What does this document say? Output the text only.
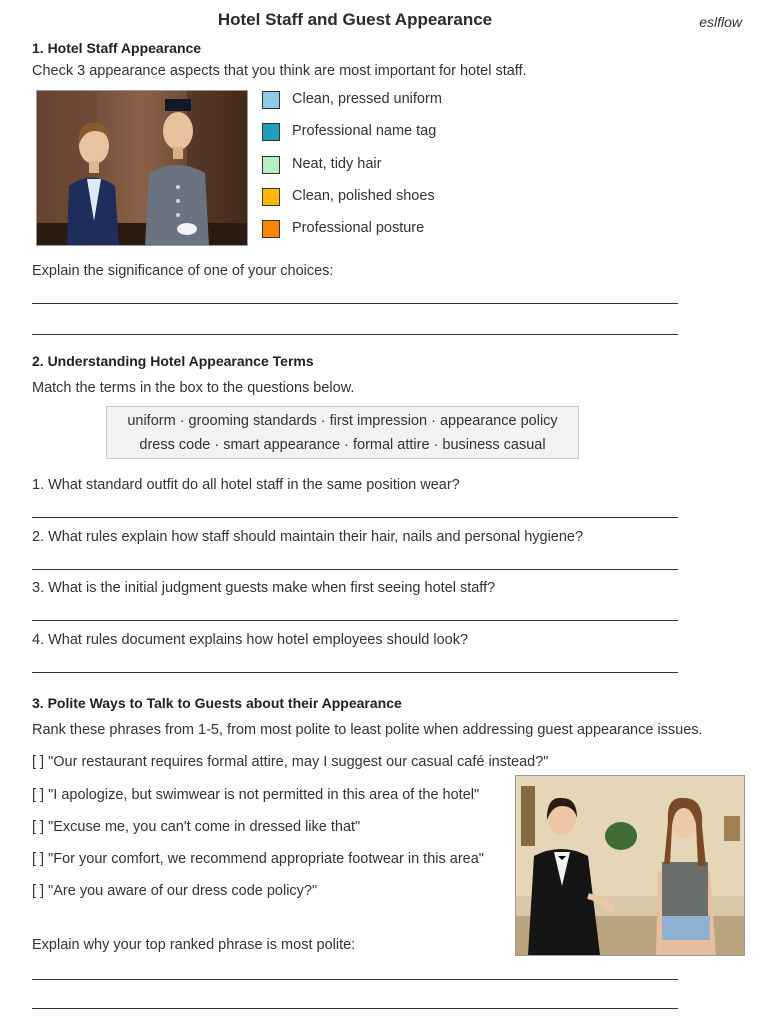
Hotel Staff and Guest Appearance	eslflow
1. Hotel Staff Appearance
Check 3 appearance aspects that you think are most important for hotel staff.
Clean, pressed uniform
Professional name tag
Neat, tidy hair
Clean, polished shoes
Professional posture
Explain the significance of one of your choices:
2. Understanding Hotel Appearance Terms
Match the terms in the box to the questions below.
uniform · grooming standards · first impression · appearance policy
dress code · smart appearance · formal attire · business casual
1. What standard outfit do all hotel staff in the same position wear?
2. What rules explain how staff should maintain their hair, nails and personal hygiene?
3. What is the initial judgment guests make when first seeing hotel staff?
4. What rules document explains how hotel employees should look?
3. Polite Ways to Talk to Guests about their Appearance
Rank these phrases from 1-5, from most polite to least polite when addressing guest appearance issues.
[ ] "Our restaurant requires formal attire, may I suggest our casual café instead?"
[ ] "I apologize, but swimwear is not permitted in this area of the hotel"
[ ] "Excuse me, you can't come in dressed like that"
[ ] "For your comfort, we recommend appropriate footwear in this area"
[ ] "Are you aware of our dress code policy?"
Explain why your top ranked phrase is most polite:
